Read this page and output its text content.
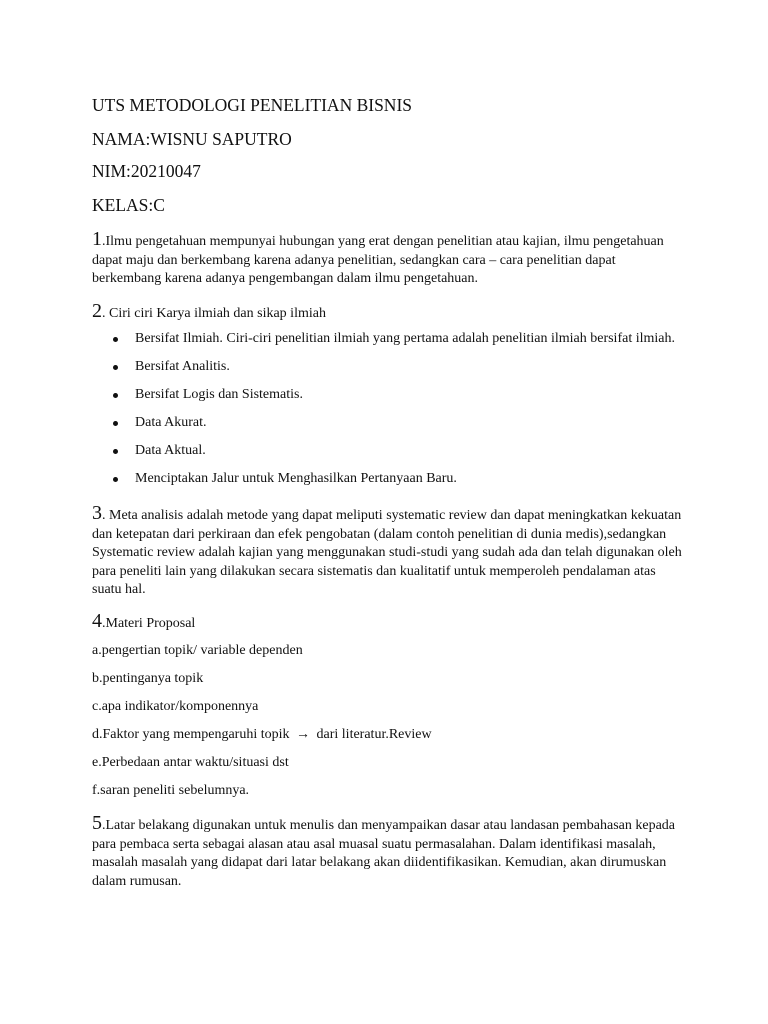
UTS METODOLOGI PENELITIAN BISNIS
NAMA:WISNU SAPUTRO
NIM:20210047
KELAS:C
1.Ilmu pengetahuan mempunyai hubungan yang erat dengan penelitian atau kajian, ilmu pengetahuan dapat maju dan berkembang karena adanya penelitian, sedangkan cara – cara penelitian dapat berkembang karena adanya pengembangan dalam ilmu pengetahuan.
2. Ciri ciri Karya ilmiah dan sikap ilmiah
Bersifat Ilmiah. Ciri-ciri penelitian ilmiah yang pertama adalah penelitian ilmiah bersifat ilmiah.
Bersifat Analitis.
Bersifat Logis dan Sistematis.
Data Akurat.
Data Aktual.
Menciptakan Jalur untuk Menghasilkan Pertanyaan Baru.
3. Meta analisis adalah metode yang dapat meliputi systematic review dan dapat meningkatkan kekuatan dan ketepatan dari perkiraan dan efek pengobatan (dalam contoh penelitian di dunia medis),sedangkan Systematic review adalah kajian yang menggunakan studi-studi yang sudah ada dan telah digunakan oleh para peneliti lain yang dilakukan secara sistematis dan kualitatif untuk memperoleh pendalaman atas suatu hal.
4.Materi Proposal
a.pengertian topik/ variable dependen
b.pentinganya topik
c.apa indikator/komponennya
d.Faktor yang mempengaruhi topik → dari literatur.Review
e.Perbedaan antar waktu/situasi dst
f.saran peneliti sebelumnya.
5.Latar belakang digunakan untuk menulis dan menyampaikan dasar atau landasan pembahasan kepada para pembaca serta sebagai alasan atau asal muasal suatu permasalahan. Dalam identifikasi masalah, masalah masalah yang didapat dari latar belakang akan diidentifikasikan. Kemudian, akan dirumuskan dalam rumusan.
